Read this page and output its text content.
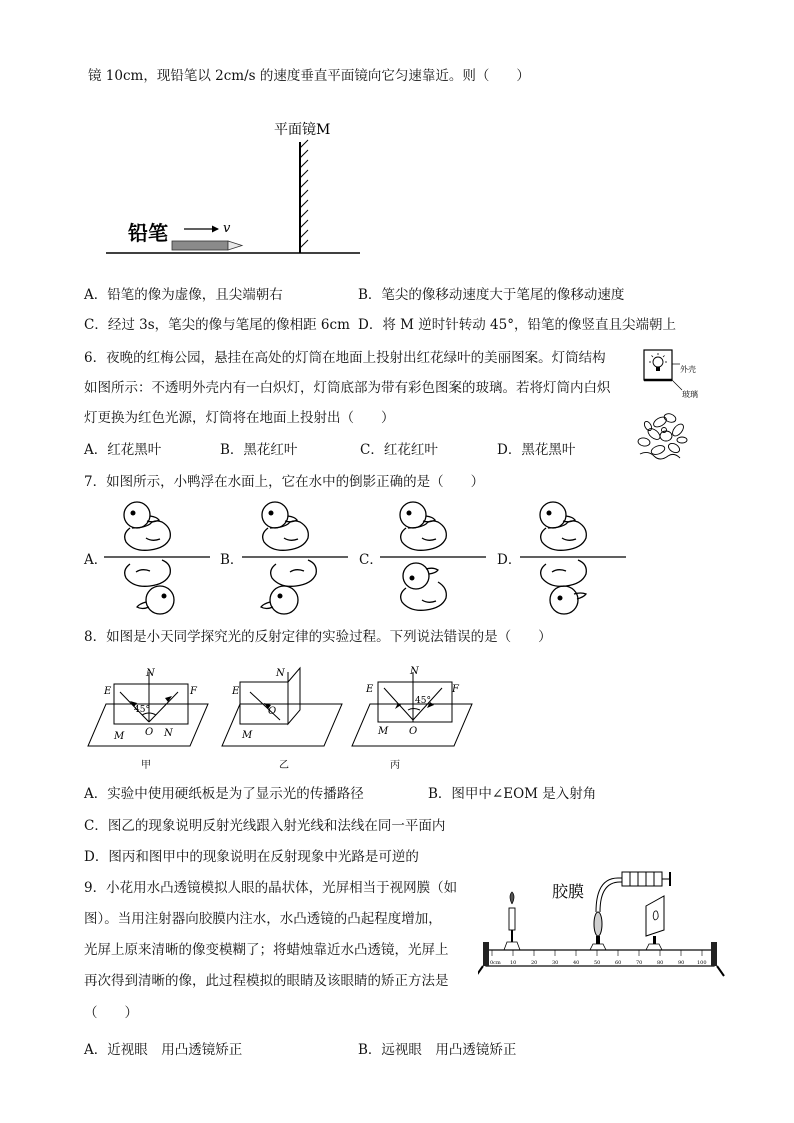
镜 10cm，现铅笔以 2cm/s 的速度垂直平面镜向它匀速靠近。则（　　）
平面镜M
铅笔	v
A．铅笔的像为虚像，且尖端朝右	B．笔尖的像移动速度大于笔尾的像移动速度
C．经过 3s，笔尖的像与笔尾的像相距 6cm D．将 M 逆时针转动 45°，铅笔的像竖直且尖端朝上
6．夜晚的红梅公园，悬挂在高处的灯筒在地面上投射出红花绿叶的美丽图案。灯筒结构
如图所示：不透明外壳内有一白炽灯，灯筒底部为带有彩色图案的玻璃。若将灯筒内白炽
灯更换为红色光源，灯筒将在地面上投射出（　　）
A．红花黑叶	B．黑花红叶	C．红花红叶	D．黑花黑叶
外壳
玻璃
7．如图所示，小鸭浮在水面上，它在水中的倒影正确的是（　　）
A．	B．	C．	D．
8．如图是小天同学探究光的反射定律的实验过程。下列说法错误的是（　　）
N
E	F
45°
M O N
甲
N
E
O
M
乙
N
E	F
45°
M O
丙
A．实验中使用硬纸板是为了显示光的传播路径	B．图甲中∠EOM 是入射角
C．图乙的现象说明反射光线跟入射光线和法线在同一平面内
D．图丙和图甲中的现象说明在反射现象中光路是可逆的
9．小花用水凸透镜模拟人眼的晶状体，光屏相当于视网膜（如
图）。当用注射器向胶膜内注水，水凸透镜的凸起程度增加，
光屏上原来清晰的像变模糊了；将蜡烛靠近水凸透镜，光屏上
再次得到清晰的像，此过程模拟的眼睛及该眼睛的矫正方法是
（　　）
胶膜
0cm 10	20	30	40	50	60	70	80	90	100
A．近视眼　用凸透镜矫正	B．远视眼　用凸透镜矫正
